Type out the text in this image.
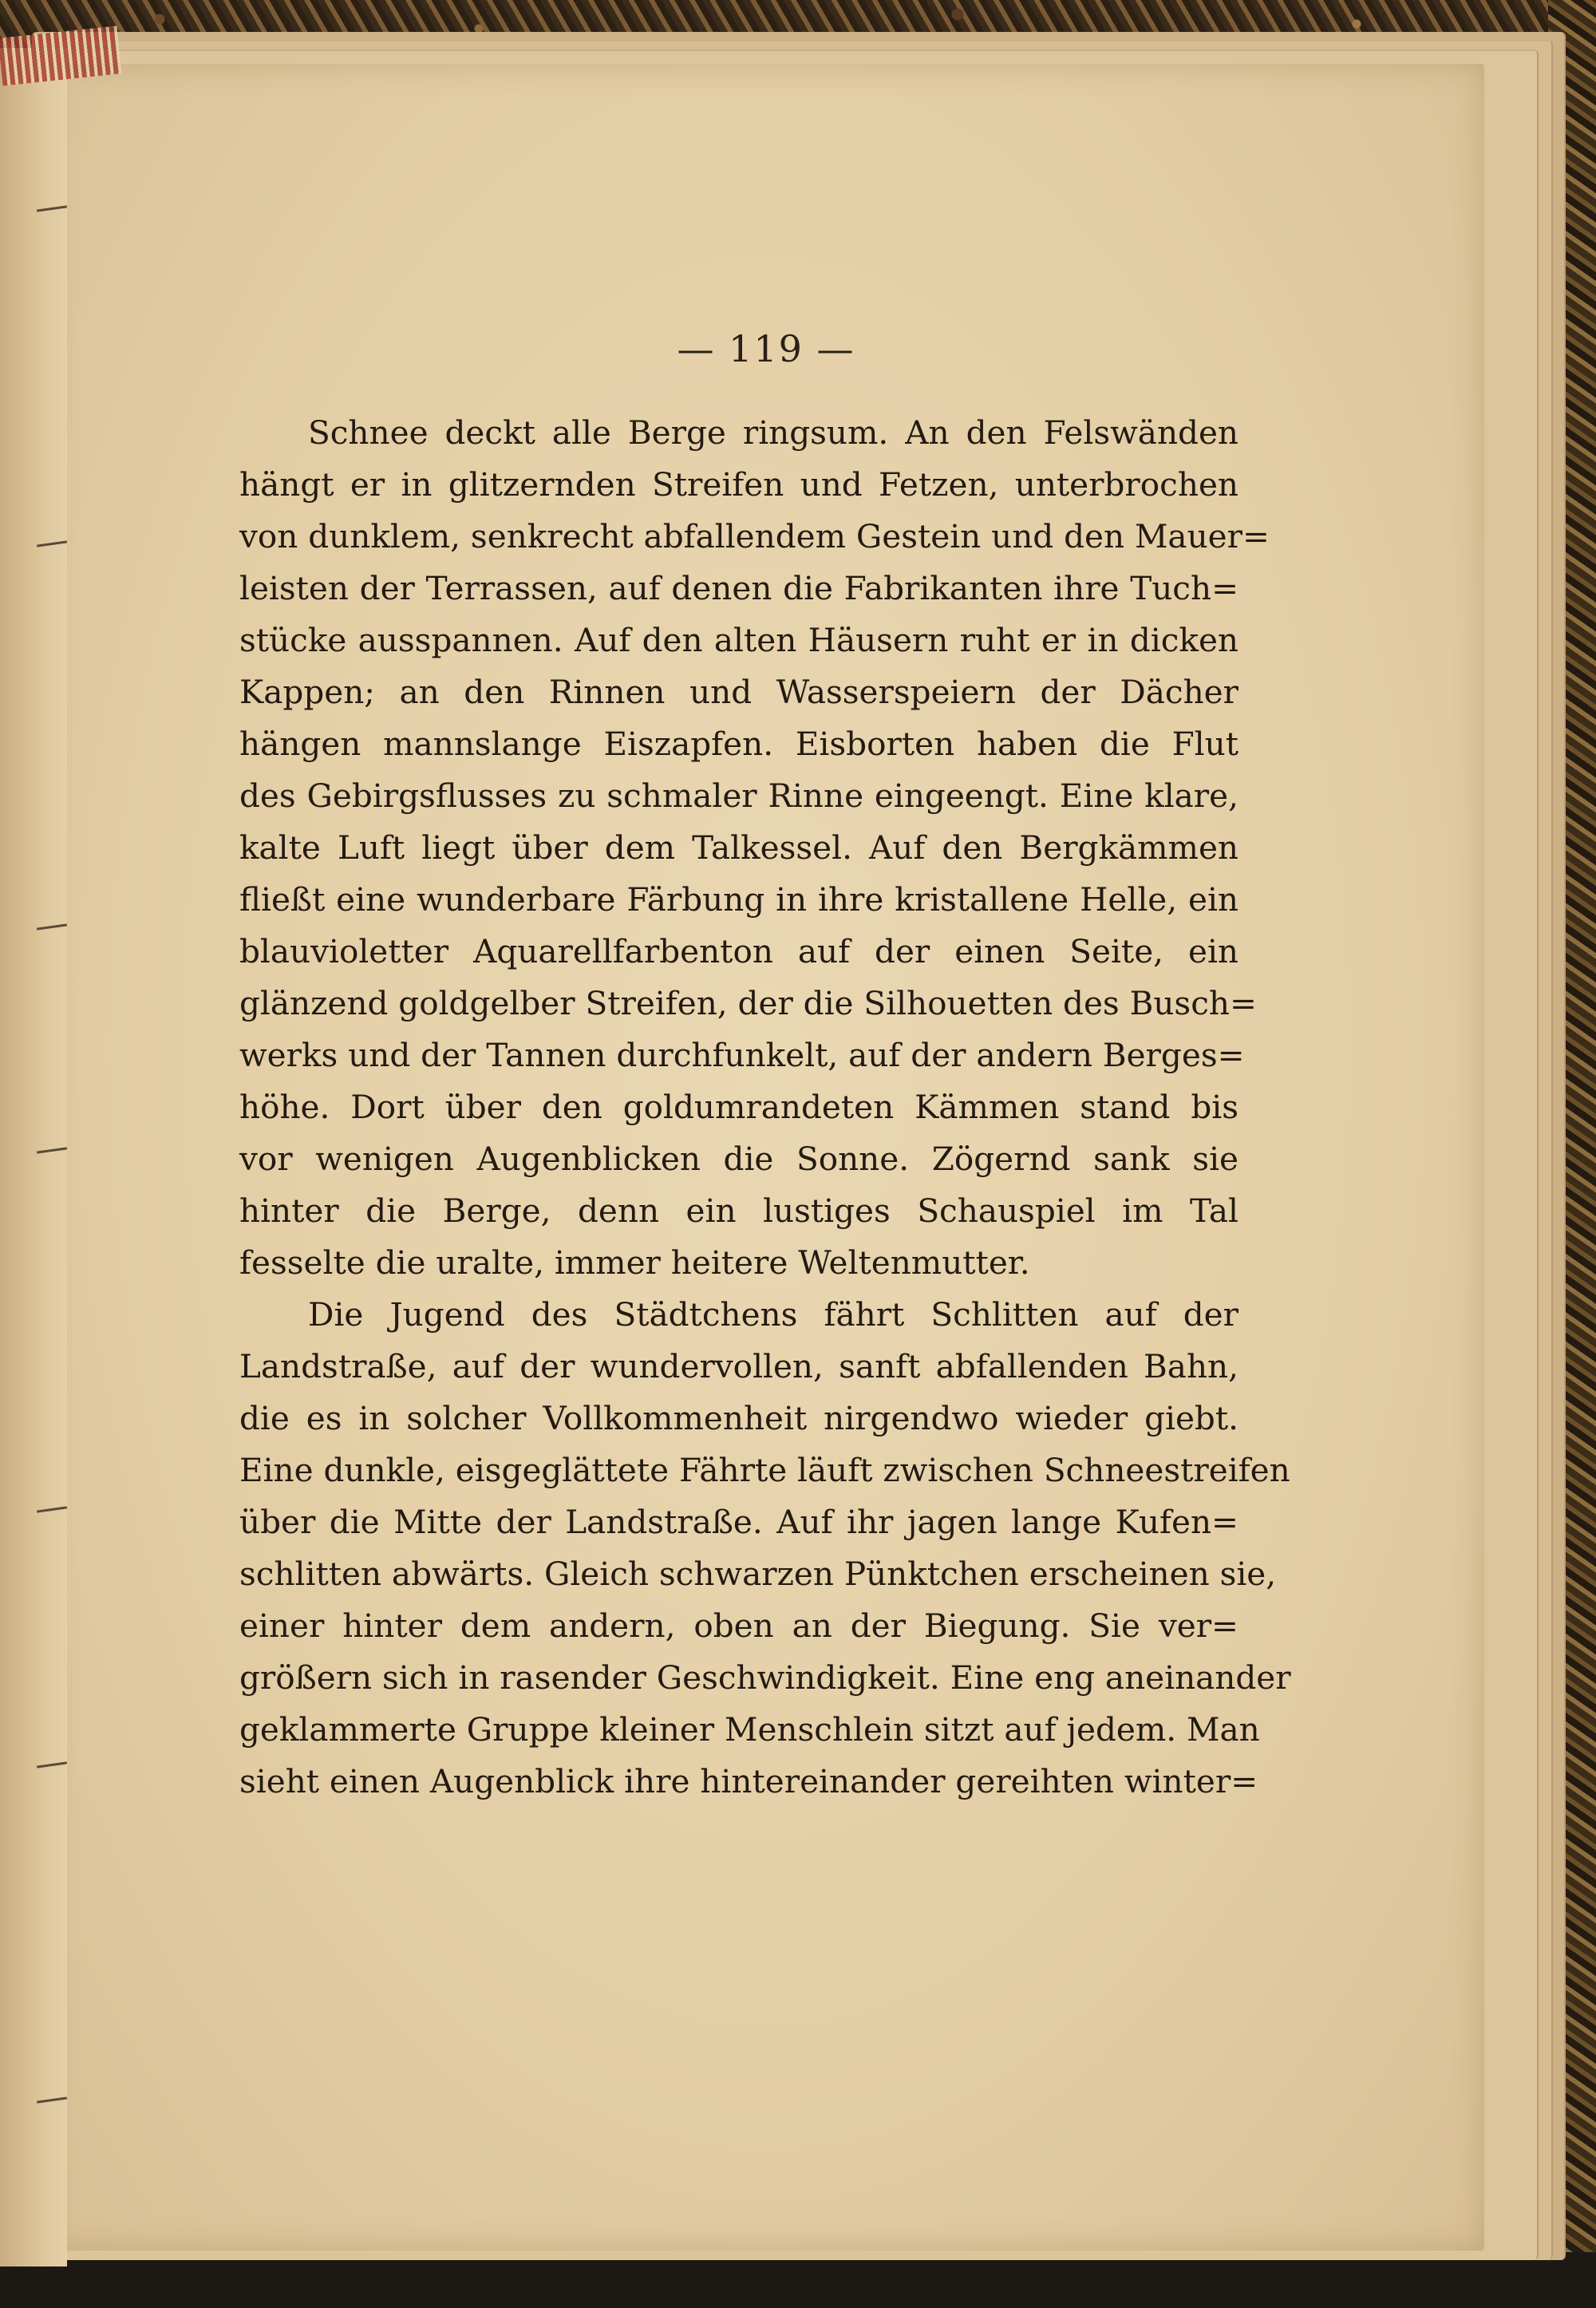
— 119 —

Schnee deckt alle Berge ringsum. An den Felswänden

hängt er in glitzernden Streifen und Fetzen, unterbrochen

von dunklem, senkrecht abfallendem Gestein und den Mauer=

leisten der Terrassen, auf denen die Fabrikanten ihre Tuch=

stücke ausspannen. Auf den alten Häusern ruht er in dicken

Kappen; an den Rinnen und Wasserspeiern der Dächer

hängen mannslange Eiszapfen. Eisborten haben die Flut

des Gebirgsflusses zu schmaler Rinne eingeengt. Eine klare,

kalte Luft liegt über dem Talkessel. Auf den Bergkämmen

fließt eine wunderbare Färbung in ihre kristallene Helle, ein

blauvioletter Aquarellfarbenton auf der einen Seite, ein

glänzend goldgelber Streifen, der die Silhouetten des Busch=

werks und der Tannen durchfunkelt, auf der andern Berges=

höhe. Dort über den goldumrandeten Kämmen stand bis

vor wenigen Augenblicken die Sonne. Zögernd sank sie

hinter die Berge, denn ein lustiges Schauspiel im Tal

fesselte die uralte, immer heitere Weltenmutter.

Die Jugend des Städtchens fährt Schlitten auf der

Landstraße, auf der wundervollen, sanft abfallenden Bahn,

die es in solcher Vollkommenheit nirgendwo wieder giebt.

Eine dunkle, eisgeglättete Fährte läuft zwischen Schneestreifen

über die Mitte der Landstraße. Auf ihr jagen lange Kufen=

schlitten abwärts. Gleich schwarzen Pünktchen erscheinen sie,

einer hinter dem andern, oben an der Biegung. Sie ver=

größern sich in rasender Geschwindigkeit. Eine eng aneinander

geklammerte Gruppe kleiner Menschlein sitzt auf jedem. Man

sieht einen Augenblick ihre hintereinander gereihten winter=
